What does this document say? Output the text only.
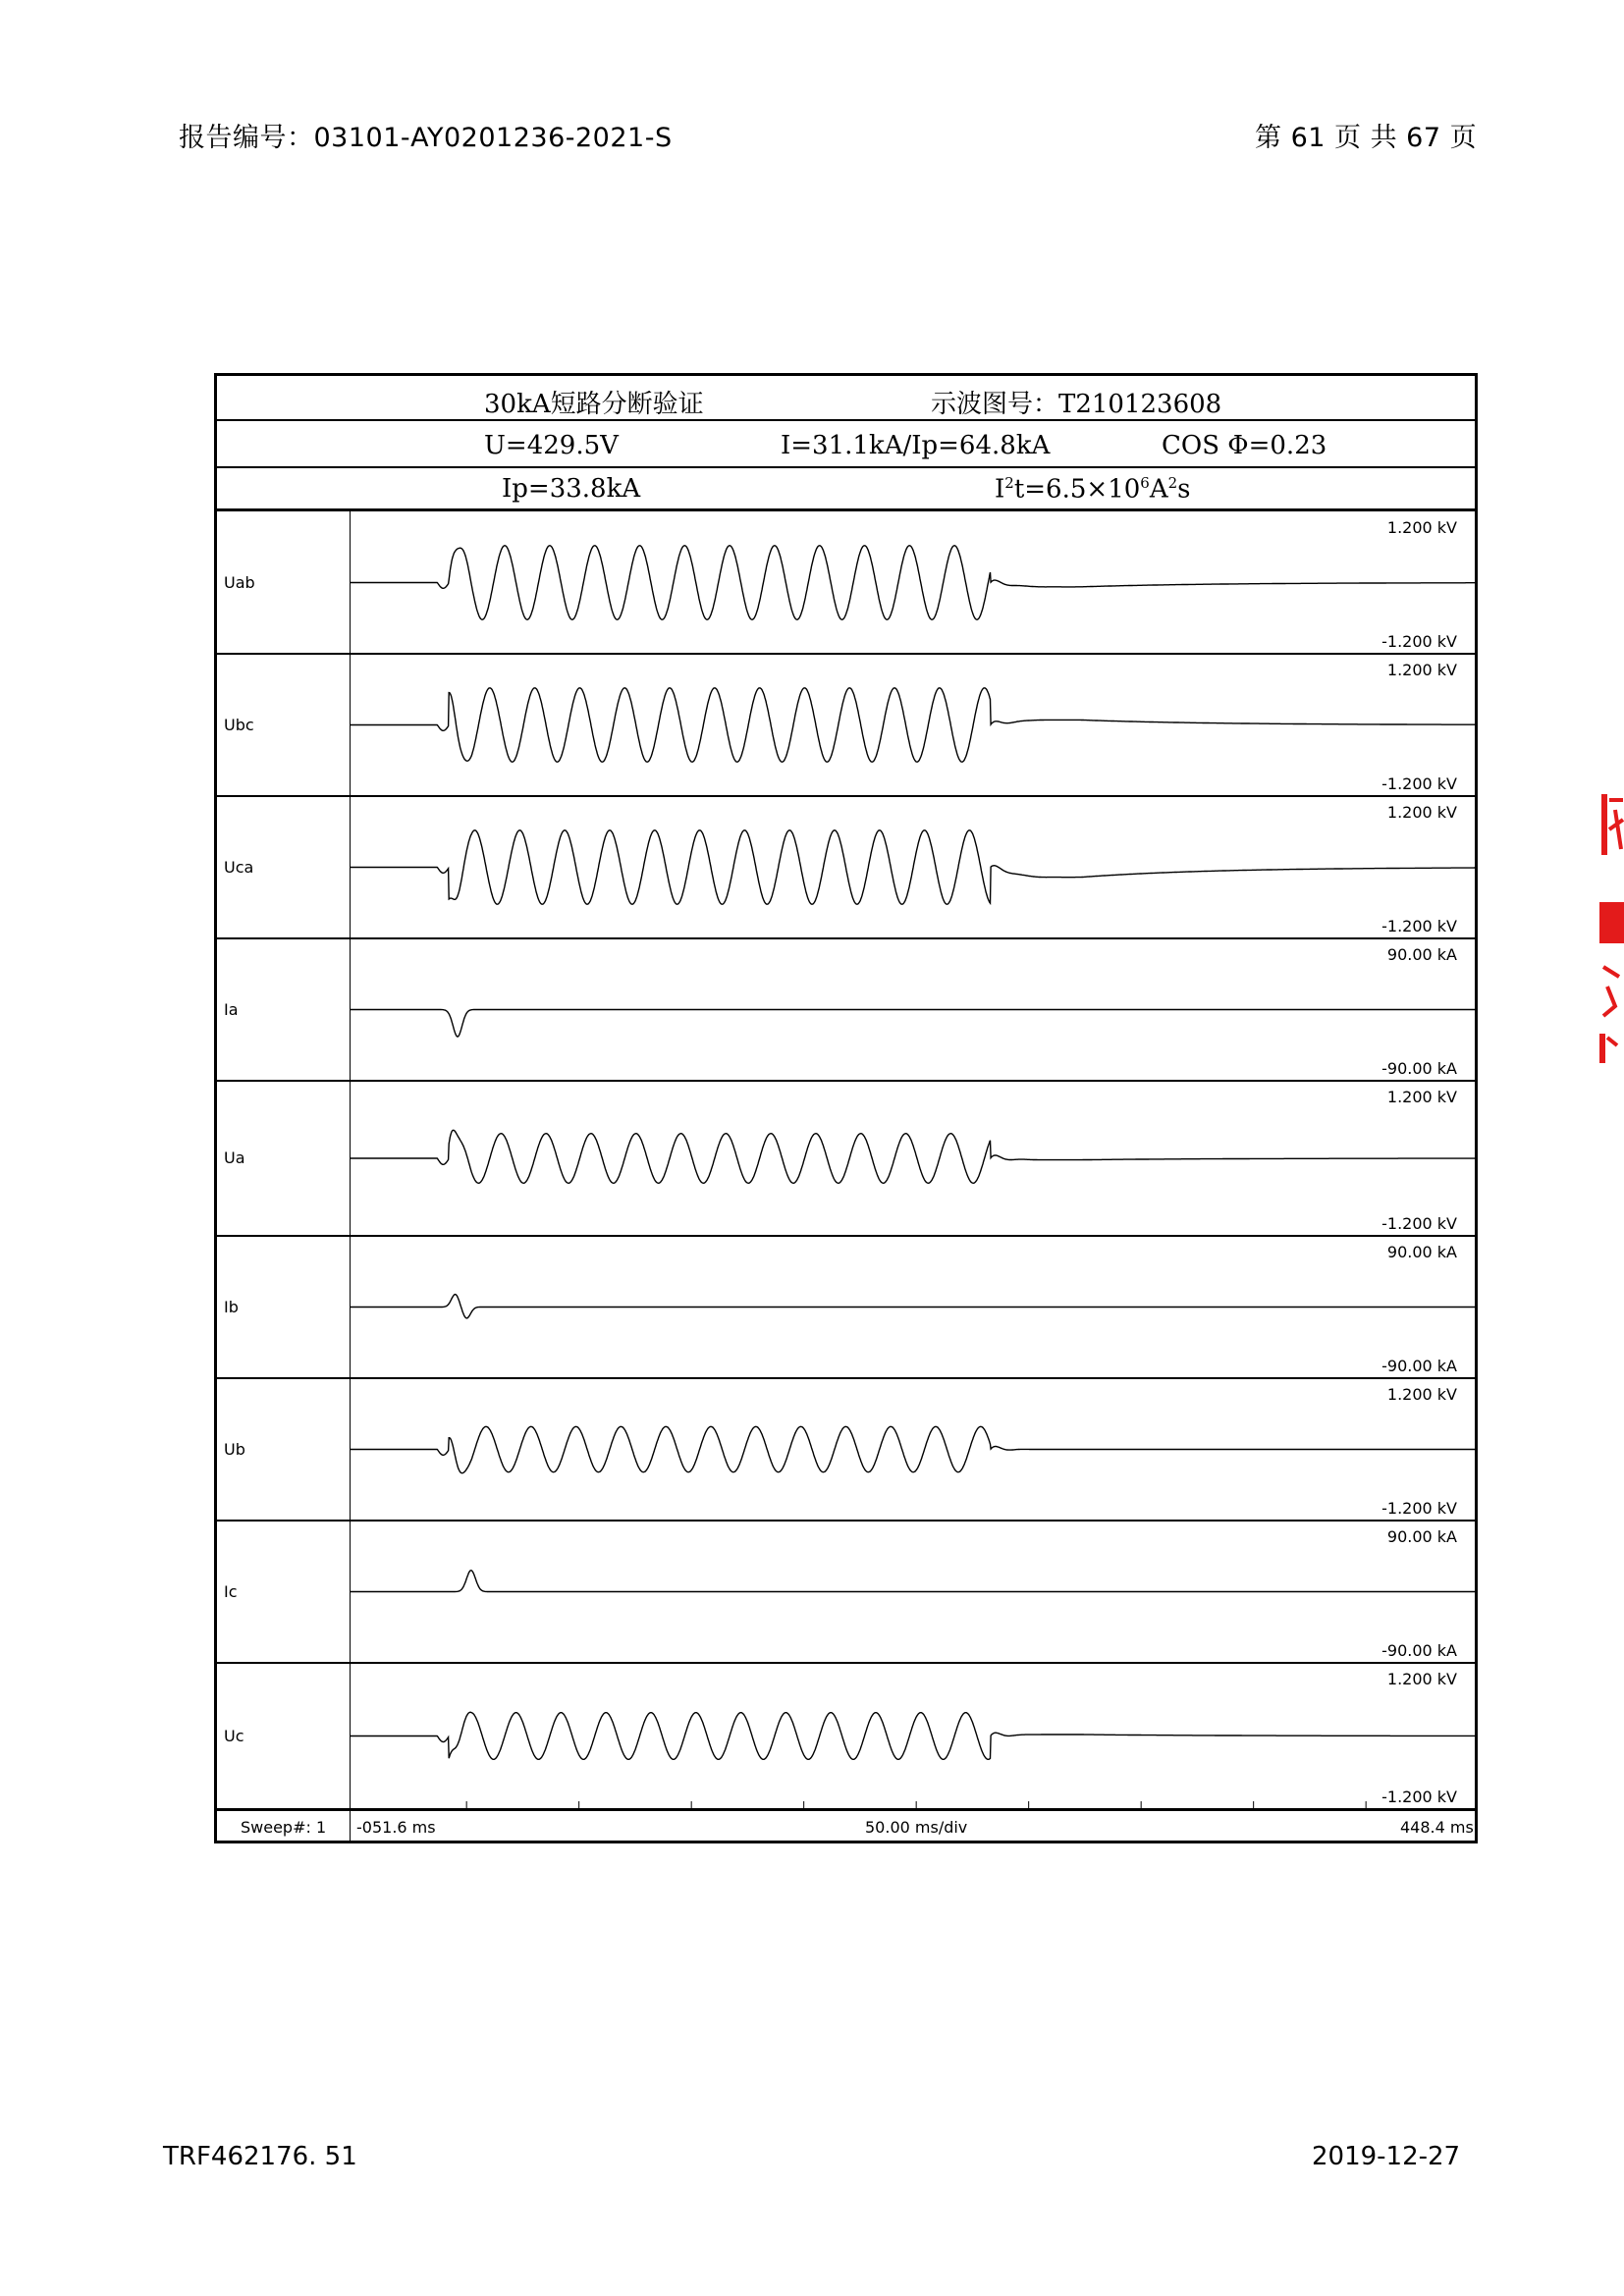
报告编号：03101-AY0201236-2021-S	第 61 页 共 67 页
30kA短路分断验证	示波图号：T210123608
U=429.5V	I=31.1kA/Ip=64.8kA	COS Φ=0.23
Ip=33.8kA	$I^2t=6.5\times 10^6A^2s$
1.200 kV
Uab
-1.200 kV
1.200 kV
Ubc
-1.200 kV
1.200 kV
Uca
-1.200 kV
90.00 kA
Ia
-90.00 kA
1.200 kV
Ua
-1.200 kV
90.00 kA
Ib
-90.00 kA
1.200 kV
Ub
-1.200 kV
90.00 kA
Ic
-90.00 kA
1.200 kV
Uc
-1.200 kV
Sweep#: 1 -051.6 ms	50.00 ms/div	448.4 ms
TRF462176. 51	2019-12-27
